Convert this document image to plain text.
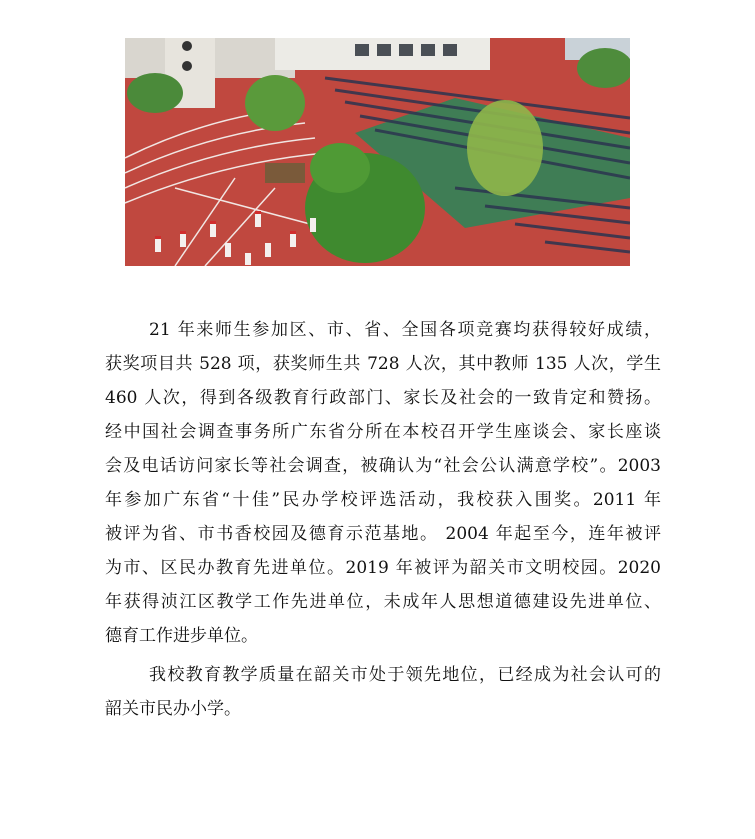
21 年来师生参加区、市、省、全国各项竞赛均获得较好成绩，
获奖项目共 528 项，获奖师生共 728 人次，其中教师 135 人次，学生
460 人次，得到各级教育行政部门、家长及社会的一致肯定和赞扬。
经中国社会调查事务所广东省分所在本校召开学生座谈会、家长座谈
会及电话访问家长等社会调查，被确认为“社会公认满意学校”。2003
年参加广东省“十佳”民办学校评选活动，我校获入围奖。2011 年
被评为省、市书香校园及德育示范基地。 2004 年起至今，连年被评
为市、区民办教育先进单位。2019 年被评为韶关市文明校园。2020
年获得浈江区教学工作先进单位，未成年人思想道德建设先进单位、
德育工作进步单位。
我校教育教学质量在韶关市处于领先地位，已经成为社会认可的
韶关市民办小学。
